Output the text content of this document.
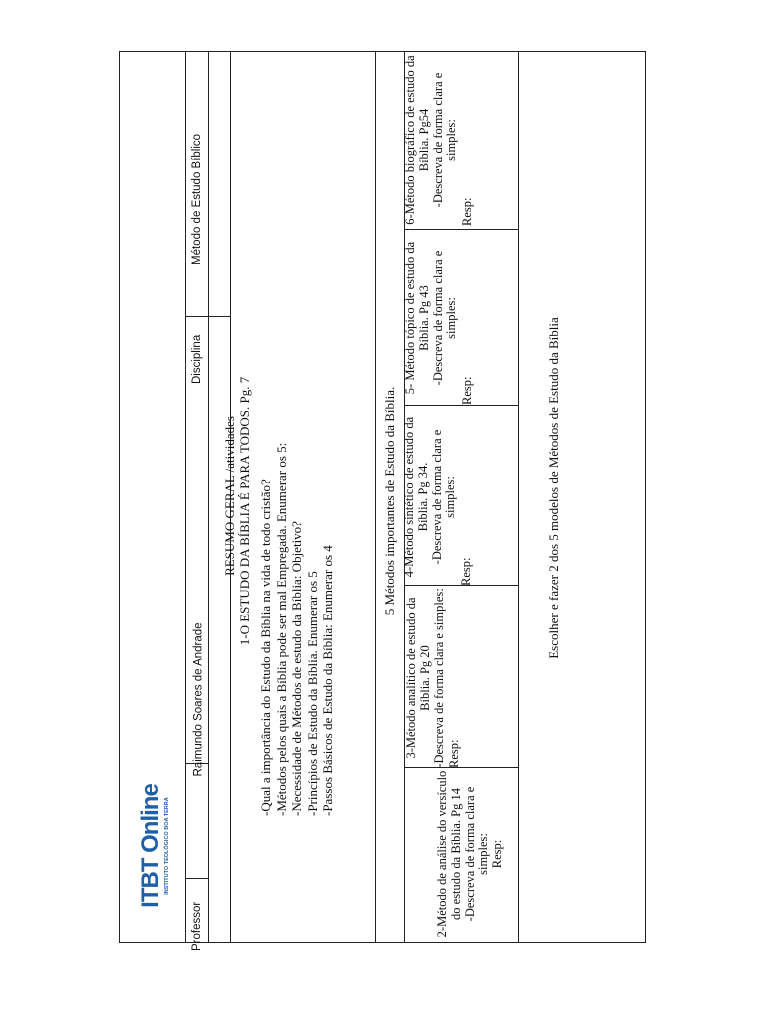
ITBT Online INSTITUTO TEOLÓGICO BOA TERRA
Professor
Raimundo Soares de Andrade
Disciplina
Método de Estudo Bíblico
RESUMO GERAL /atividades 1-O ESTUDO DA BÍBLIA É PARA TODOS. Pg. 7 -Qual a importância do Estudo da Bíblia na vida de todo cristão? -Métodos pelos quais a Bíblia pode ser mal Empregada. Enumerar os 5: -Necessidade de Métodos de estudo da Bíblia: Objetivo? -Princípios de Estudo da Bíblia. Enumerar os 5 -Passos Básicos de Estudo da Bíblia: Enumerar os 4
5 Métodos importantes de Estudo da Bíblia.
2-Método de análise do versículo do estudo da Bíblia. Pg 14 -Descreva de forma clara e simples: Resp:
3-Método analítico de estudo da Bíblia. Pg 20 -Descreva de forma clara e simples: Resp:
4-Método sintético de estudo da Bíblia. Pg 34. -Descreva de forma clara e simples:
Resp:
5- Método tópico de estudo da Bíblia. Pg 43 -Descreva de forma clara e simples:
Resp:
6-Método biográfico de estudo da Bíblia. Pg54 -Descreva de forma clara e simples:
Resp:
Escolher e fazer 2 dos 5 modelos de Métodos de Estudo da Bíblia
